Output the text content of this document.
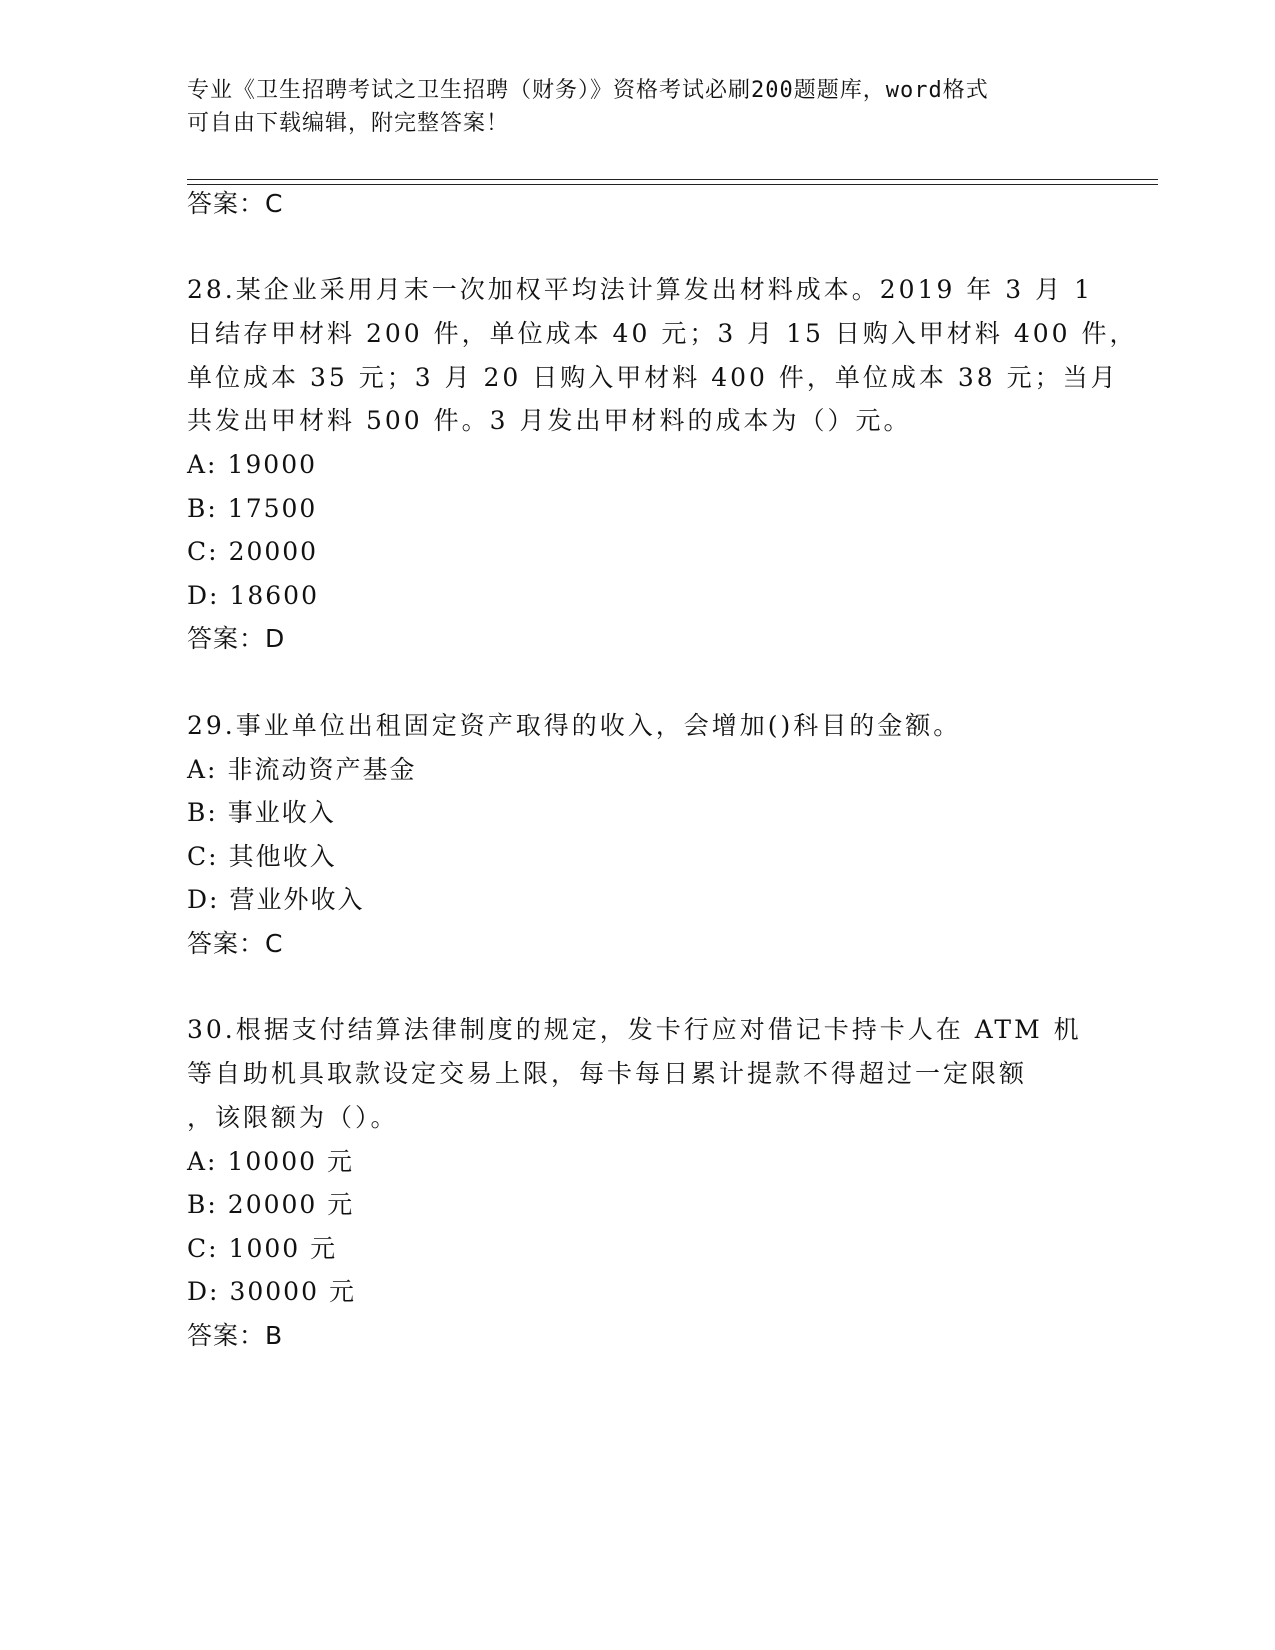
专业《卫生招聘考试之卫生招聘（财务）》资格考试必刷200题题库，word格式
可自由下载编辑，附完整答案！
答案：C
28.某企业采用月末一次加权平均法计算发出材料成本。2019 年 3 月 1
日结存甲材料 200 件，单位成本 40 元；3 月 15 日购入甲材料 400 件，
单位成本 35 元；3 月 20 日购入甲材料 400 件，单位成本 38 元；当月
共发出甲材料 500 件。3 月发出甲材料的成本为（）元。
A: 19000
B: 17500
C: 20000
D: 18600
答案：D
29.事业单位出租固定资产取得的收入，会增加()科目的金额。
A: 非流动资产基金
B: 事业收入
C: 其他收入
D: 营业外收入
答案：C
30.根据支付结算法律制度的规定，发卡行应对借记卡持卡人在 ATM 机
等自助机具取款设定交易上限，每卡每日累计提款不得超过一定限额
，该限额为（）。
A: 10000 元
B: 20000 元
C: 1000 元
D: 30000 元
答案：B
